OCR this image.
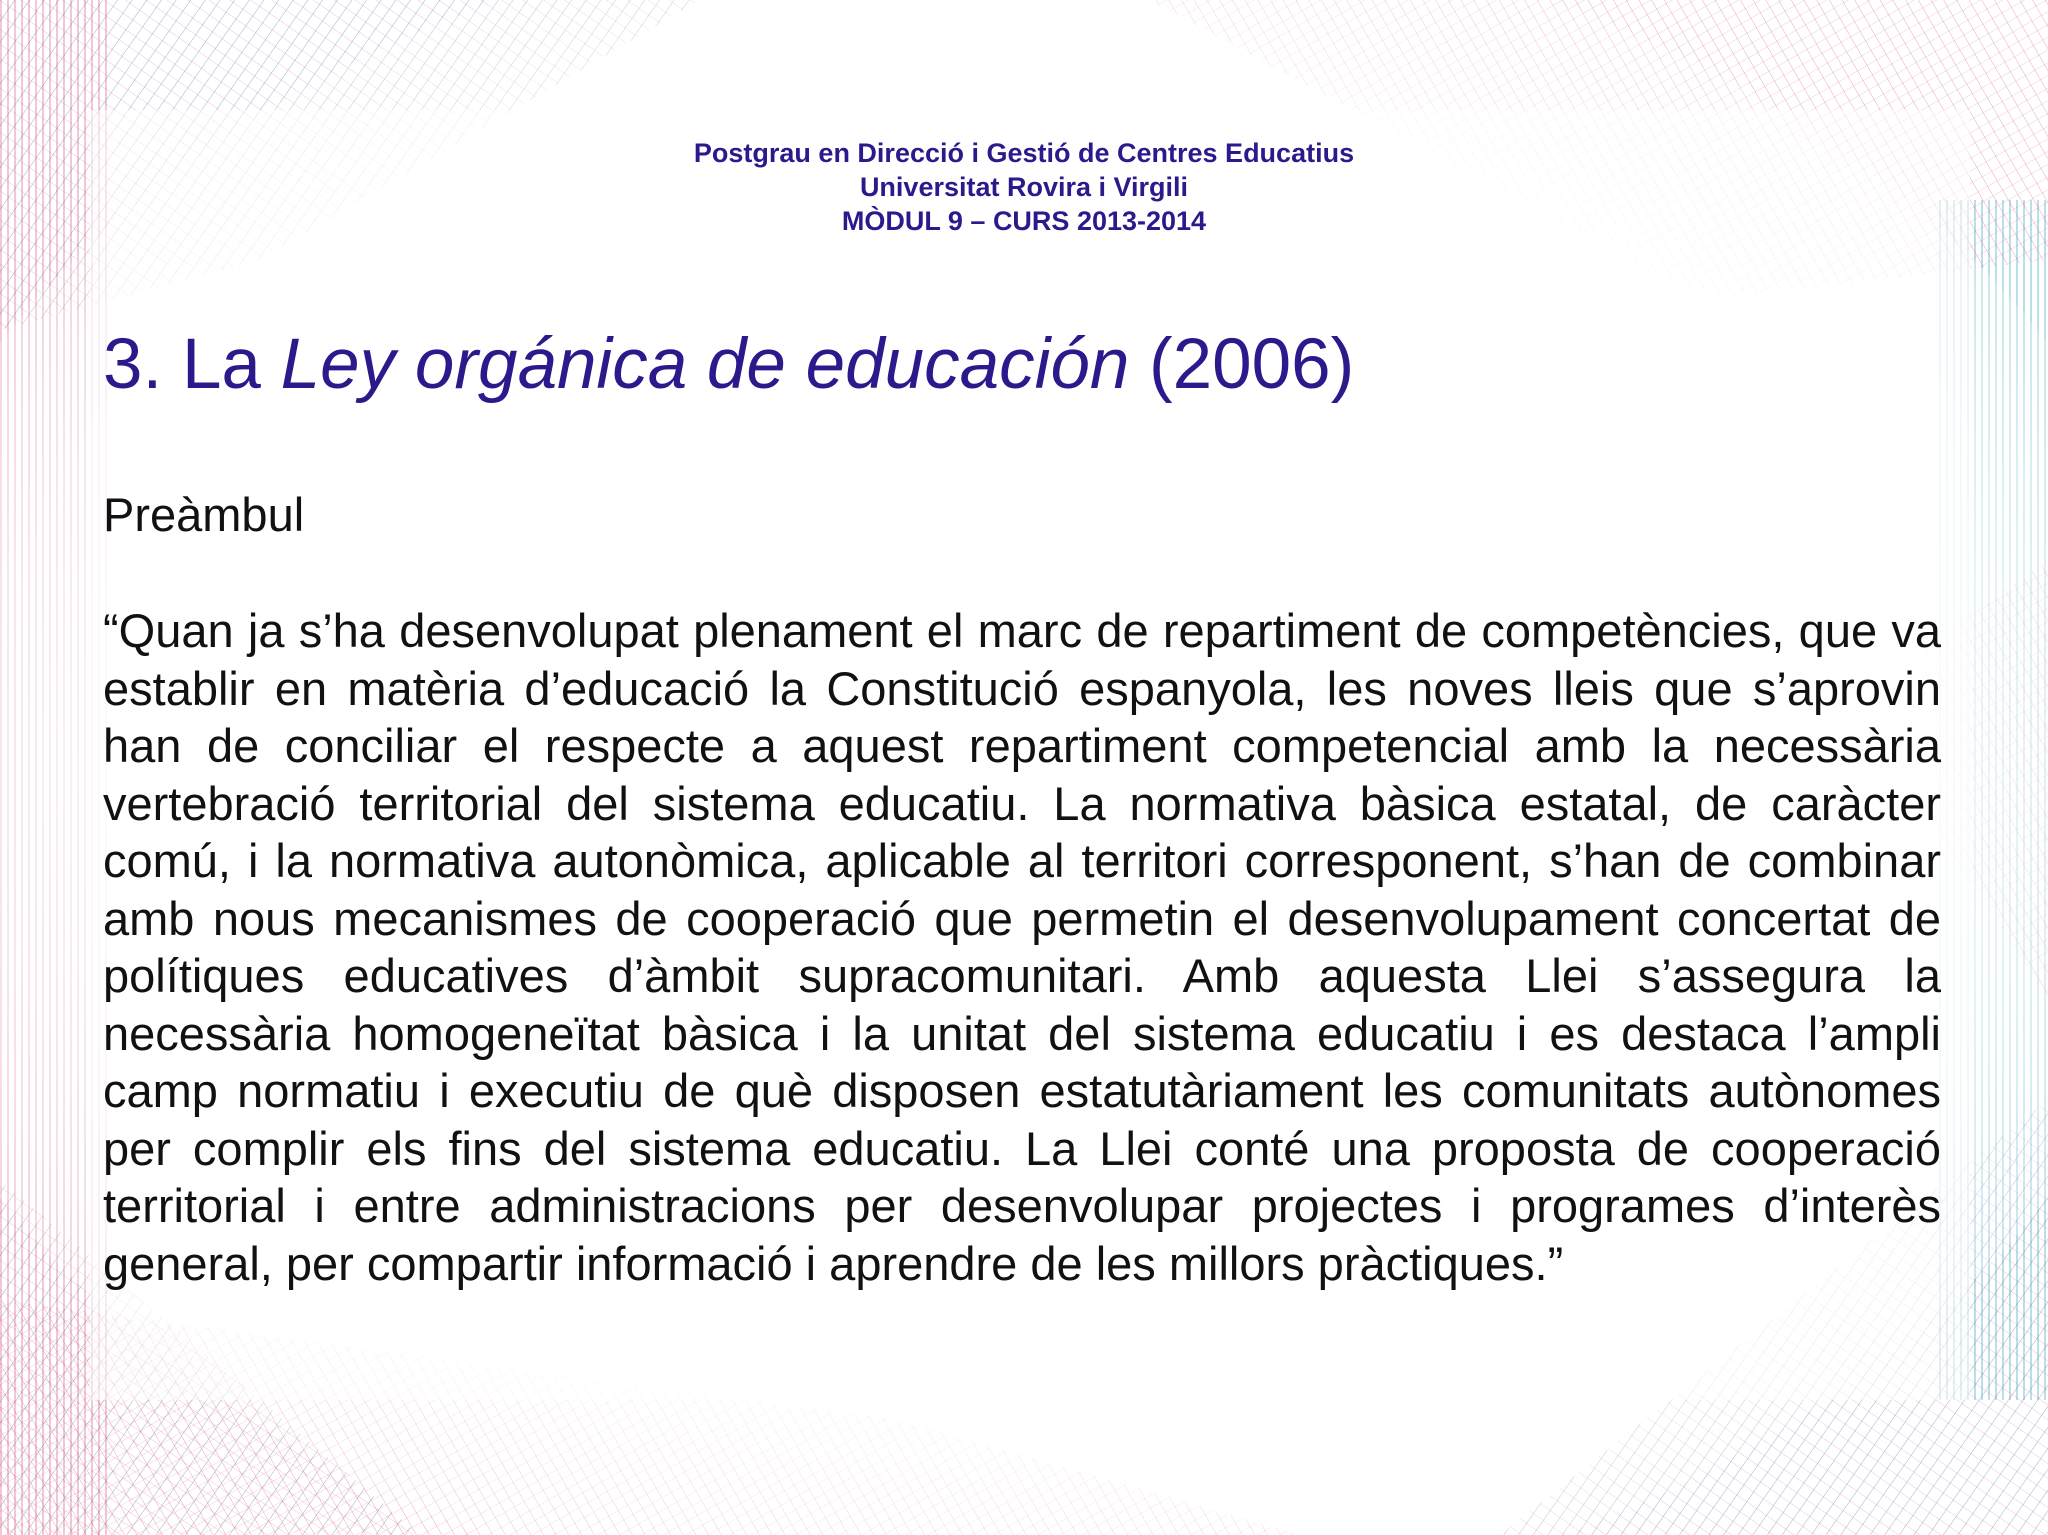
Postgrau en Direcció i Gestió de Centres Educatius
Universitat Rovira i Virgili
MÒDUL 9 – CURS 2013-2014
3. La Ley orgánica de educación (2006)

Preàmbul

“Quan ja s’ha desenvolupat plenament el marc de repartiment de competències, que va establir en matèria d’educació la Constitució espanyola, les noves lleis que s’aprovin han de conciliar el respecte a aquest repartiment competencial amb la necessària vertebració territorial del sistema educatiu. La normativa bàsica estatal, de caràcter comú, i la normativa autonòmica, aplicable al territori corresponent, s’han de combinar amb nous mecanismes de cooperació que permetin el desenvolupament concertat de polítiques educatives d’àmbit supracomunitari. Amb aquesta Llei s’assegura la necessària homogeneïtat bàsica i la unitat del sistema educatiu i es destaca l’ampli camp normatiu i executiu de què disposen estatutàriament les comunitats autònomes per complir els fins del sistema educatiu. La Llei conté una proposta de cooperació territorial i entre administracions per desenvolupar projectes i programes d’interès general, per compartir informació i aprendre de les millors pràctiques.”
